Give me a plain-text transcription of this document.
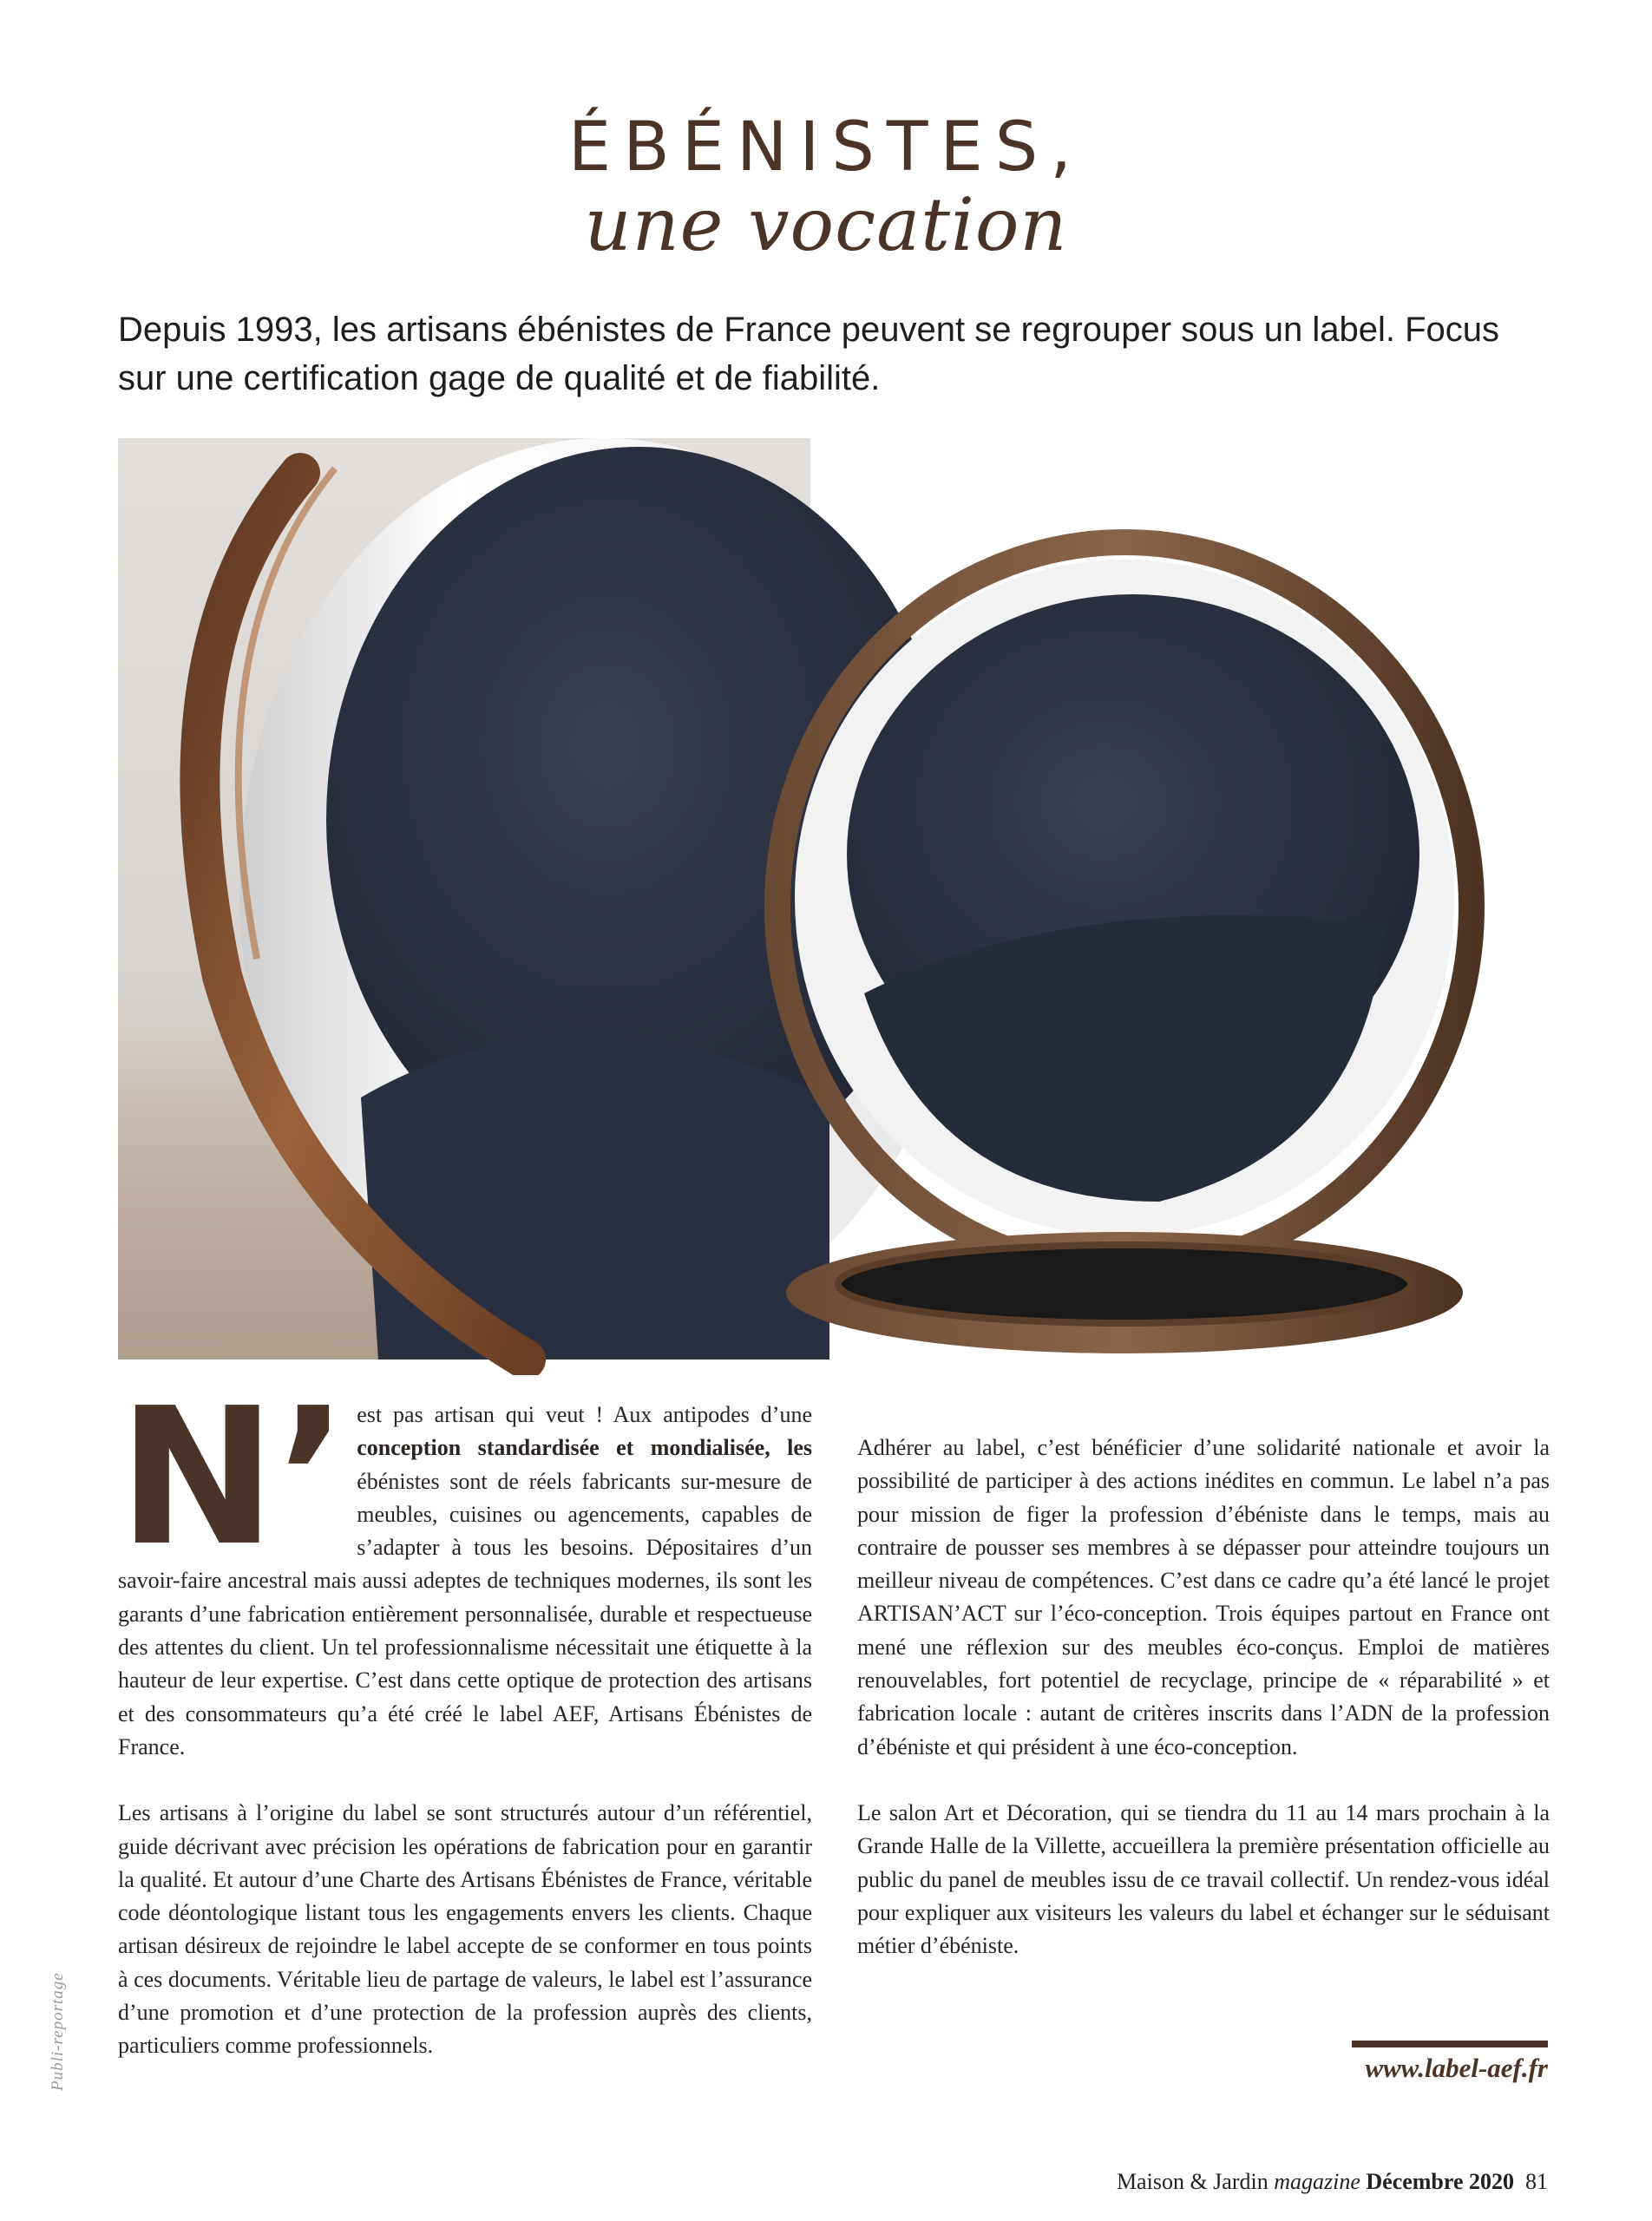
ÉBÉNISTES,
une vocation
Depuis 1993, les artisans ébénistes de France peuvent se regrouper sous un label. Focus sur une certification gage de qualité et de fiabilité.

N’ est pas artisan qui veut ! Aux antipodes d’une conception standardisée et mondialisée, les ébénistes sont de réels fabricants sur-mesure de meubles, cuisines ou agencements, capables de s’adapter à tous les besoins. Dépositaires d’un savoir-faire ancestral mais aussi adeptes de techniques modernes, ils sont les garants d’une fabrication entièrement personnalisée, durable et respectueuse des attentes du client. Un tel professionnalisme nécessitait une étiquette à la hauteur de leur expertise. C’est dans cette optique de protection des artisans et des consommateurs qu’a été créé le label AEF, Artisans Ébénistes de France.

Les artisans à l’origine du label se sont structurés autour d’un référentiel, guide décrivant avec précision les opérations de fabrication pour en garantir la qualité. Et autour d’une Charte des Artisans Ébénistes de France, véritable code déontologique listant tous les engagements envers les clients. Chaque artisan désireux de rejoindre le label accepte de se conformer en tous points à ces documents. Véritable lieu de partage de valeurs, le label est l’assurance d’une promotion et d’une protection de la profession auprès des clients, particuliers comme professionnels.

Adhérer au label, c’est bénéficier d’une solidarité nationale et avoir la possibilité de participer à des actions inédites en commun. Le label n’a pas pour mission de figer la profession d’ébéniste dans le temps, mais au contraire de pousser ses membres à se dépasser pour atteindre toujours un meilleur niveau de compétences. C’est dans ce cadre qu’a été lancé le projet ARTISAN’ACT sur l’éco-conception. Trois équipes partout en France ont mené une réflexion sur des meubles éco-conçus. Emploi de matières renouvelables, fort potentiel de recyclage, principe de « réparabilité » et fabrication locale : autant de critères inscrits dans l’ADN de la profession d’ébéniste et qui président à une éco-conception.

Le salon Art et Décoration, qui se tiendra du 11 au 14 mars prochain à la Grande Halle de la Villette, accueillera la première présentation officielle au public du panel de meubles issu de ce travail collectif. Un rendez-vous idéal pour expliquer aux visiteurs les valeurs du label et échanger sur le séduisant métier d’ébéniste.

Publi-reportage	www.label-aef.fr
Maison & Jardin magazine Décembre 2020 81
